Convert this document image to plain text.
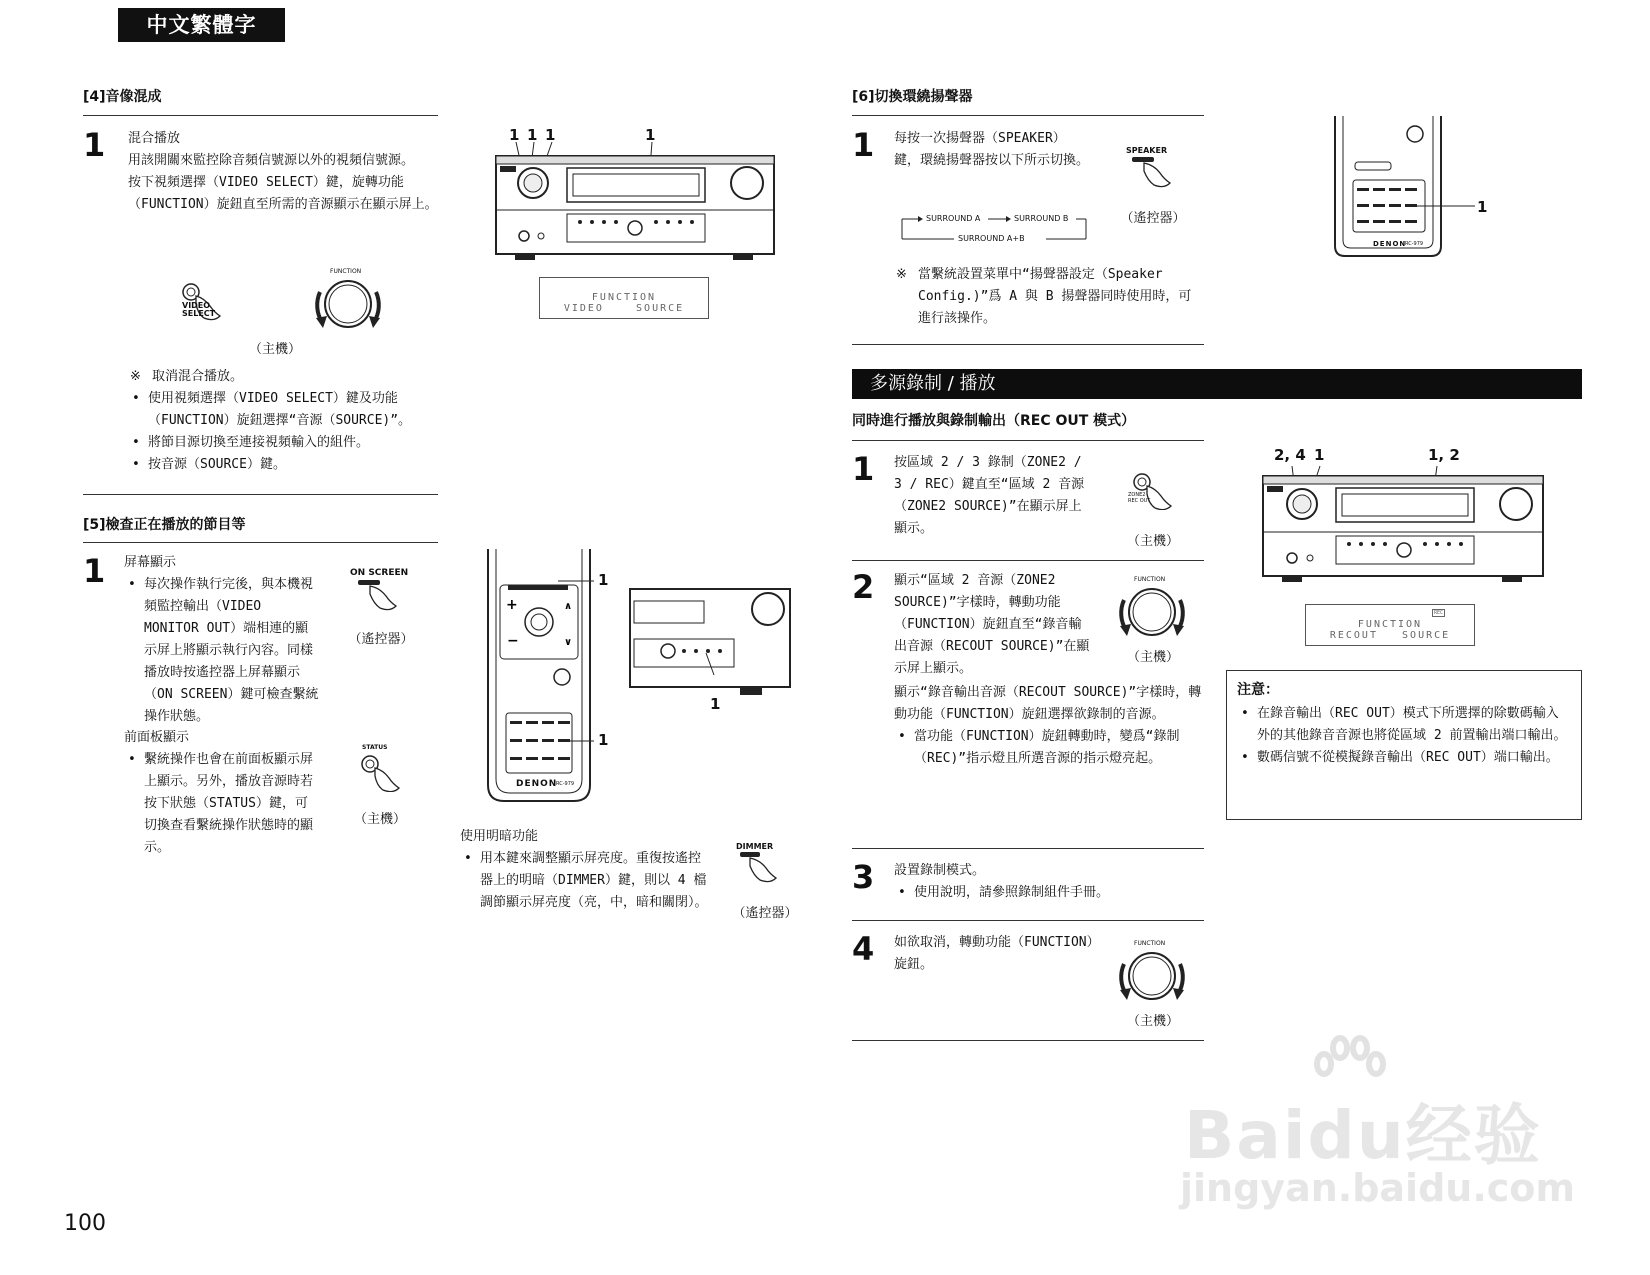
中文繁體字
[4]音像混成
1 混合播放
用該開關來監控除音頻信號源以外的視頻信號源。
按下視頻選擇（VIDEO SELECT）鍵，旋轉功能（FUNCTION）旋鈕直至所需的音源顯示在顯示屏上。
VIDEO SELECT
FUNCTION
（主機）
※ 取消混合播放。
• 使用視頻選擇（VIDEO SELECT）鍵及功能（FUNCTION）旋鈕選擇“音源（SOURCE)”。
• 將節目源切換至連接視頻輸入的組件。
• 按音源（SOURCE）鍵。
1 1 1	1
FUNCTION
VIDEO    SOURCE
[5]檢查正在播放的節目等
1 屏幕顯示
• 每次操作執行完後，與本機視頻監控輸出（VIDEO MONITOR OUT）端相連的顯示屏上將顯示執行內容。同樣播放時按遙控器上屏幕顯示（ON SCREEN）鍵可檢查繫統操作狀態。
ON SCREEN
（遙控器）
前面板顯示
• 繫統操作也會在前面板顯示屏上顯示。另外，播放音源時若按下狀態（STATUS）鍵，可切換查看繫統操作狀態時的顯示。
STATUS
（主機）
+
−
∧
∨
1
1
1
DENON
RC-979
使用明暗功能
• 用本鍵來調整顯示屏亮度。重復按遙控器上的明暗（DIMMER）鍵，則以 4 檔調節顯示屏亮度（亮，中，暗和關閉）。
DIMMER
（遙控器）
[6]切換環繞揚聲器
1 每按一次揚聲器（SPEAKER）鍵，環繞揚聲器按以下所示切換。
SPEAKER
（遙控器）
SURROUND A	SURROUND B
SURROUND A+B
※ 當繫統設置菜單中“揚聲器設定（Speaker Config.)”爲 A 與 B 揚聲器同時使用時，可進行該操作。
1
DENON
RC-979
多源錄制 / 播放
同時進行播放與錄制輸出（REC OUT 模式）
1 按區域 2 / 3 錄制（ZONE2 / 3 / REC）鍵直至“區域 2 音源（ZONE2 SOURCE)”在顯示屏上顯示。
ZONE2 REC OUT
（主機）
2 顯示“區域 2 音源（ZONE2 SOURCE)”字樣時，轉動功能（FUNCTION）旋鈕直至“錄音輸出音源（RECOUT SOURCE)”在顯示屏上顯示。
FUNCTION
（主機）
顯示“錄音輸出音源（RECOUT SOURCE)”字樣時，轉動功能（FUNCTION）旋鈕選擇欲錄制的音源。
• 當功能（FUNCTION）旋鈕轉動時，變爲“錄制（REC)”指示燈且所選音源的指示燈亮起。
3 設置錄制模式。
• 使用說明，請參照錄制組件手冊。
4 如欲取消，轉動功能（FUNCTION）旋鈕。
FUNCTION
（主機）
2, 4 1	1, 2
REC
FUNCTION
RECOUT   SOURCE
注意：
• 在錄音輸出（REC OUT）模式下所選擇的除數碼輸入外的其他錄音音源也將從區域 2 前置輸出端口輸出。
• 數碼信號不從模擬錄音輸出（REC OUT）端口輸出。
100
Baidu经验
jingyan.baidu.com
